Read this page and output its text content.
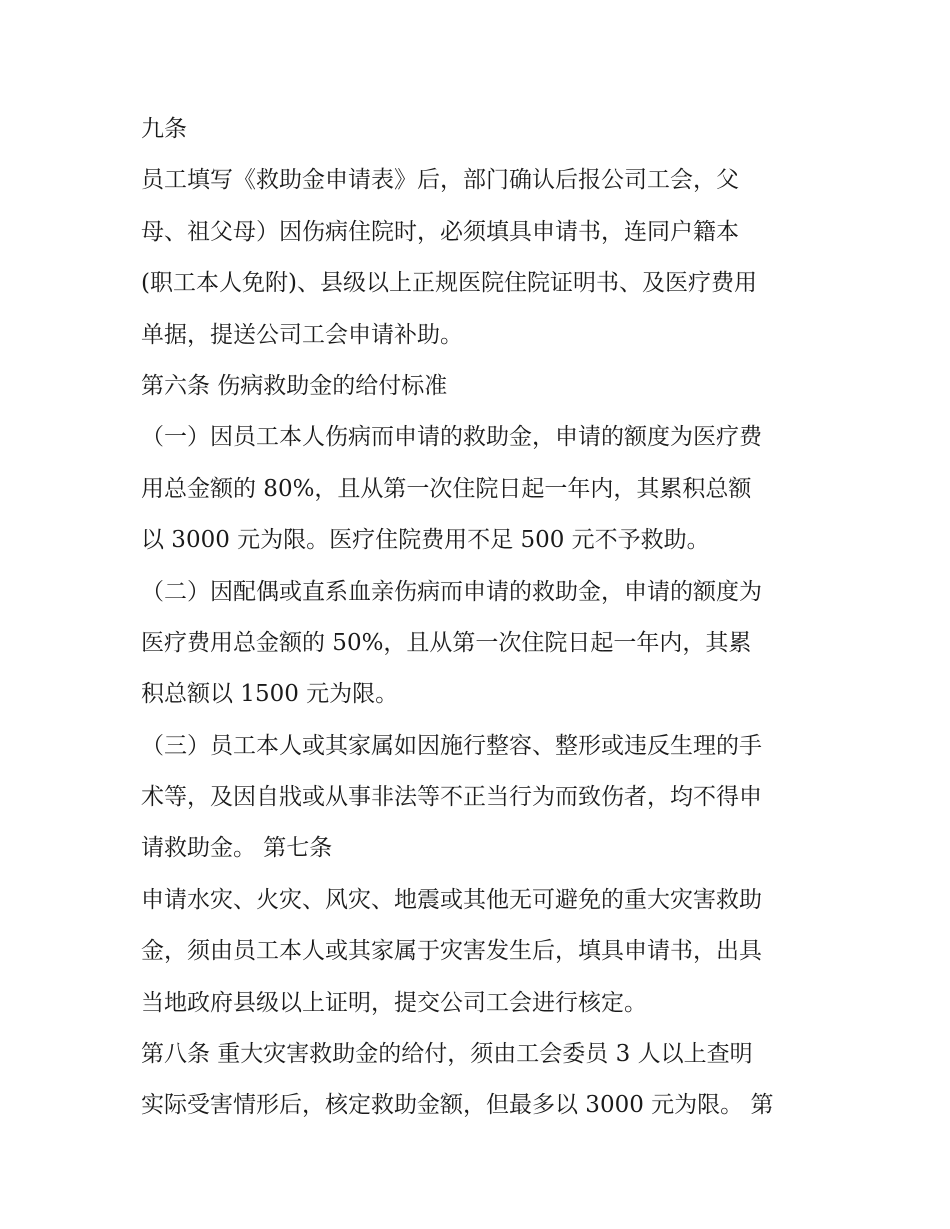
九条
员工填写《救助金申请表》后，部门确认后报公司工会，父
母、祖父母）因伤病住院时，必须填具申请书，连同户籍本
(职工本人免附)、县级以上正规医院住院证明书、及医疗费用
单据，提送公司工会申请补助。
第六条 伤病救助金的给付标准
（一）因员工本人伤病而申请的救助金，申请的额度为医疗费
用总金额的 80%，且从第一次住院日起一年内，其累积总额
以 3000 元为限。医疗住院费用不足 500 元不予救助。
（二）因配偶或直系血亲伤病而申请的救助金，申请的额度为
医疗费用总金额的 50%，且从第一次住院日起一年内，其累
积总额以 1500 元为限。
（三）员工本人或其家属如因施行整容、整形或违反生理的手
术等，及因自戕或从事非法等不正当行为而致伤者，均不得申
请救助金。 第七条
申请水灾、火灾、风灾、地震或其他无可避免的重大灾害救助
金，须由员工本人或其家属于灾害发生后，填具申请书，出具
当地政府县级以上证明，提交公司工会进行核定。
第八条 重大灾害救助金的给付，须由工会委员 3 人以上查明
实际受害情形后，核定救助金额，但最多以 3000 元为限。 第
